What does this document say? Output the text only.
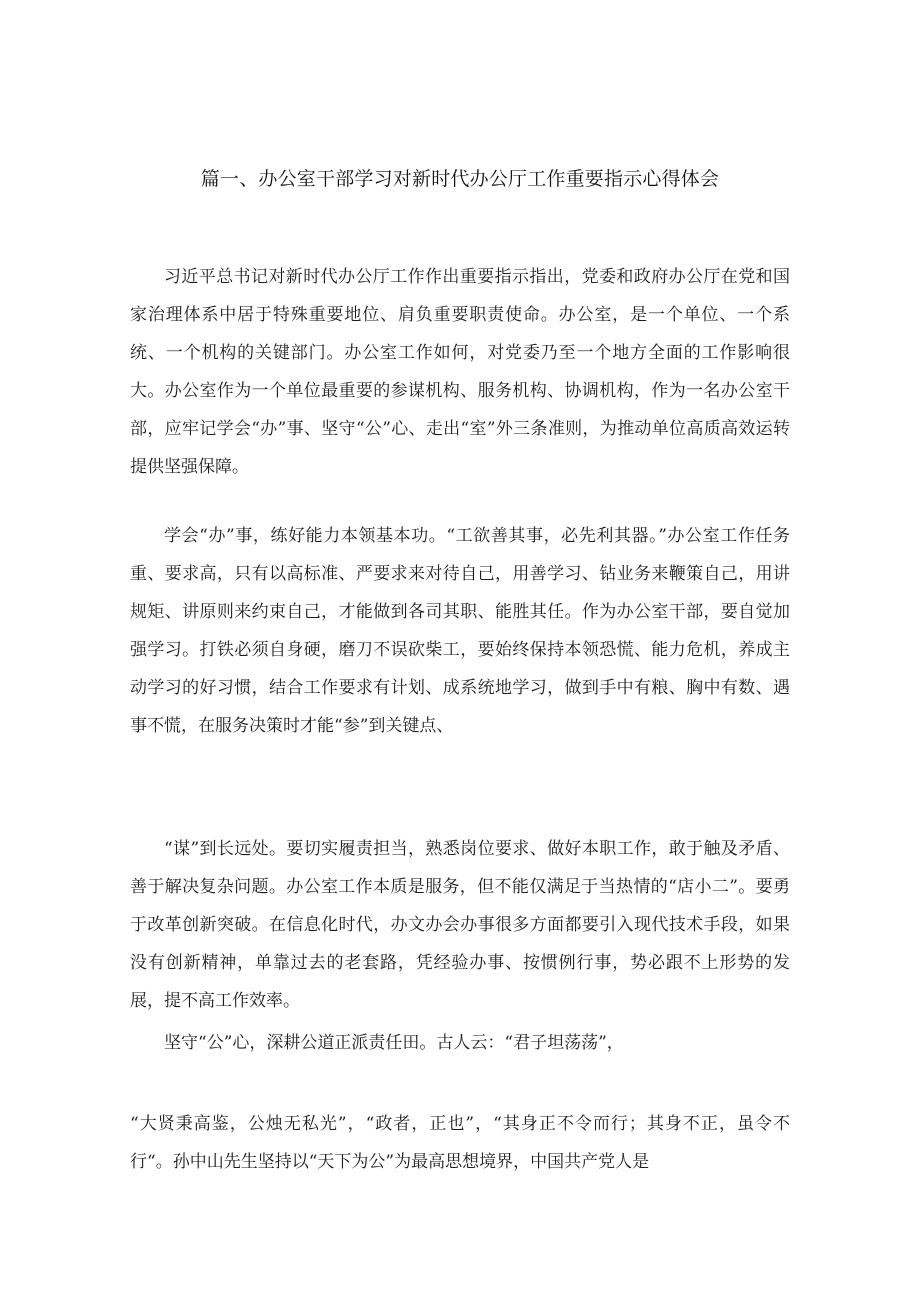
篇一、办公室干部学习对新时代办公厅工作重要指示心得体会

习近平总书记对新时代办公厅工作作出重要指示指出，党委和政府办公厅在党和国家治理体系中居于特殊重要地位、肩负重要职责使命。办公室，是一个单位、一个系统、一个机构的关键部门。办公室工作如何，对党委乃至一个地方全面的工作影响很大。办公室作为一个单位最重要的参谋机构、服务机构、协调机构，作为一名办公室干部，应牢记学会“办”事、坚守“公”心、走出“室”外三条准则，为推动单位高质高效运转提供坚强保障。

学会“办”事，练好能力本领基本功。“工欲善其事，必先利其器。”办公室工作任务重、要求高，只有以高标准、严要求来对待自己，用善学习、钻业务来鞭策自己，用讲规矩、讲原则来约束自己，才能做到各司其职、能胜其任。作为办公室干部，要自觉加强学习。打铁必须自身硬，磨刀不误砍柴工，要始终保持本领恐慌、能力危机，养成主动学习的好习惯，结合工作要求有计划、成系统地学习，做到手中有粮、胸中有数、遇事不慌，在服务决策时才能“参”到关键点、

“谋”到长远处。要切实履责担当，熟悉岗位要求、做好本职工作，敢于触及矛盾、善于解决复杂问题。办公室工作本质是服务，但不能仅满足于当热情的“店小二”。要勇于改革创新突破。在信息化时代，办文办会办事很多方面都要引入现代技术手段，如果没有创新精神，单靠过去的老套路，凭经验办事、按惯例行事，势必跟不上形势的发展，提不高工作效率。

坚守“公”心，深耕公道正派责任田。古人云：“君子坦荡荡”，

“大贤秉高鉴，公烛无私光”，“政者，正也”，“其身正不令而行；其身不正，虽令不行“。孙中山先生坚持以“天下为公”为最高思想境界，中国共产党人是
